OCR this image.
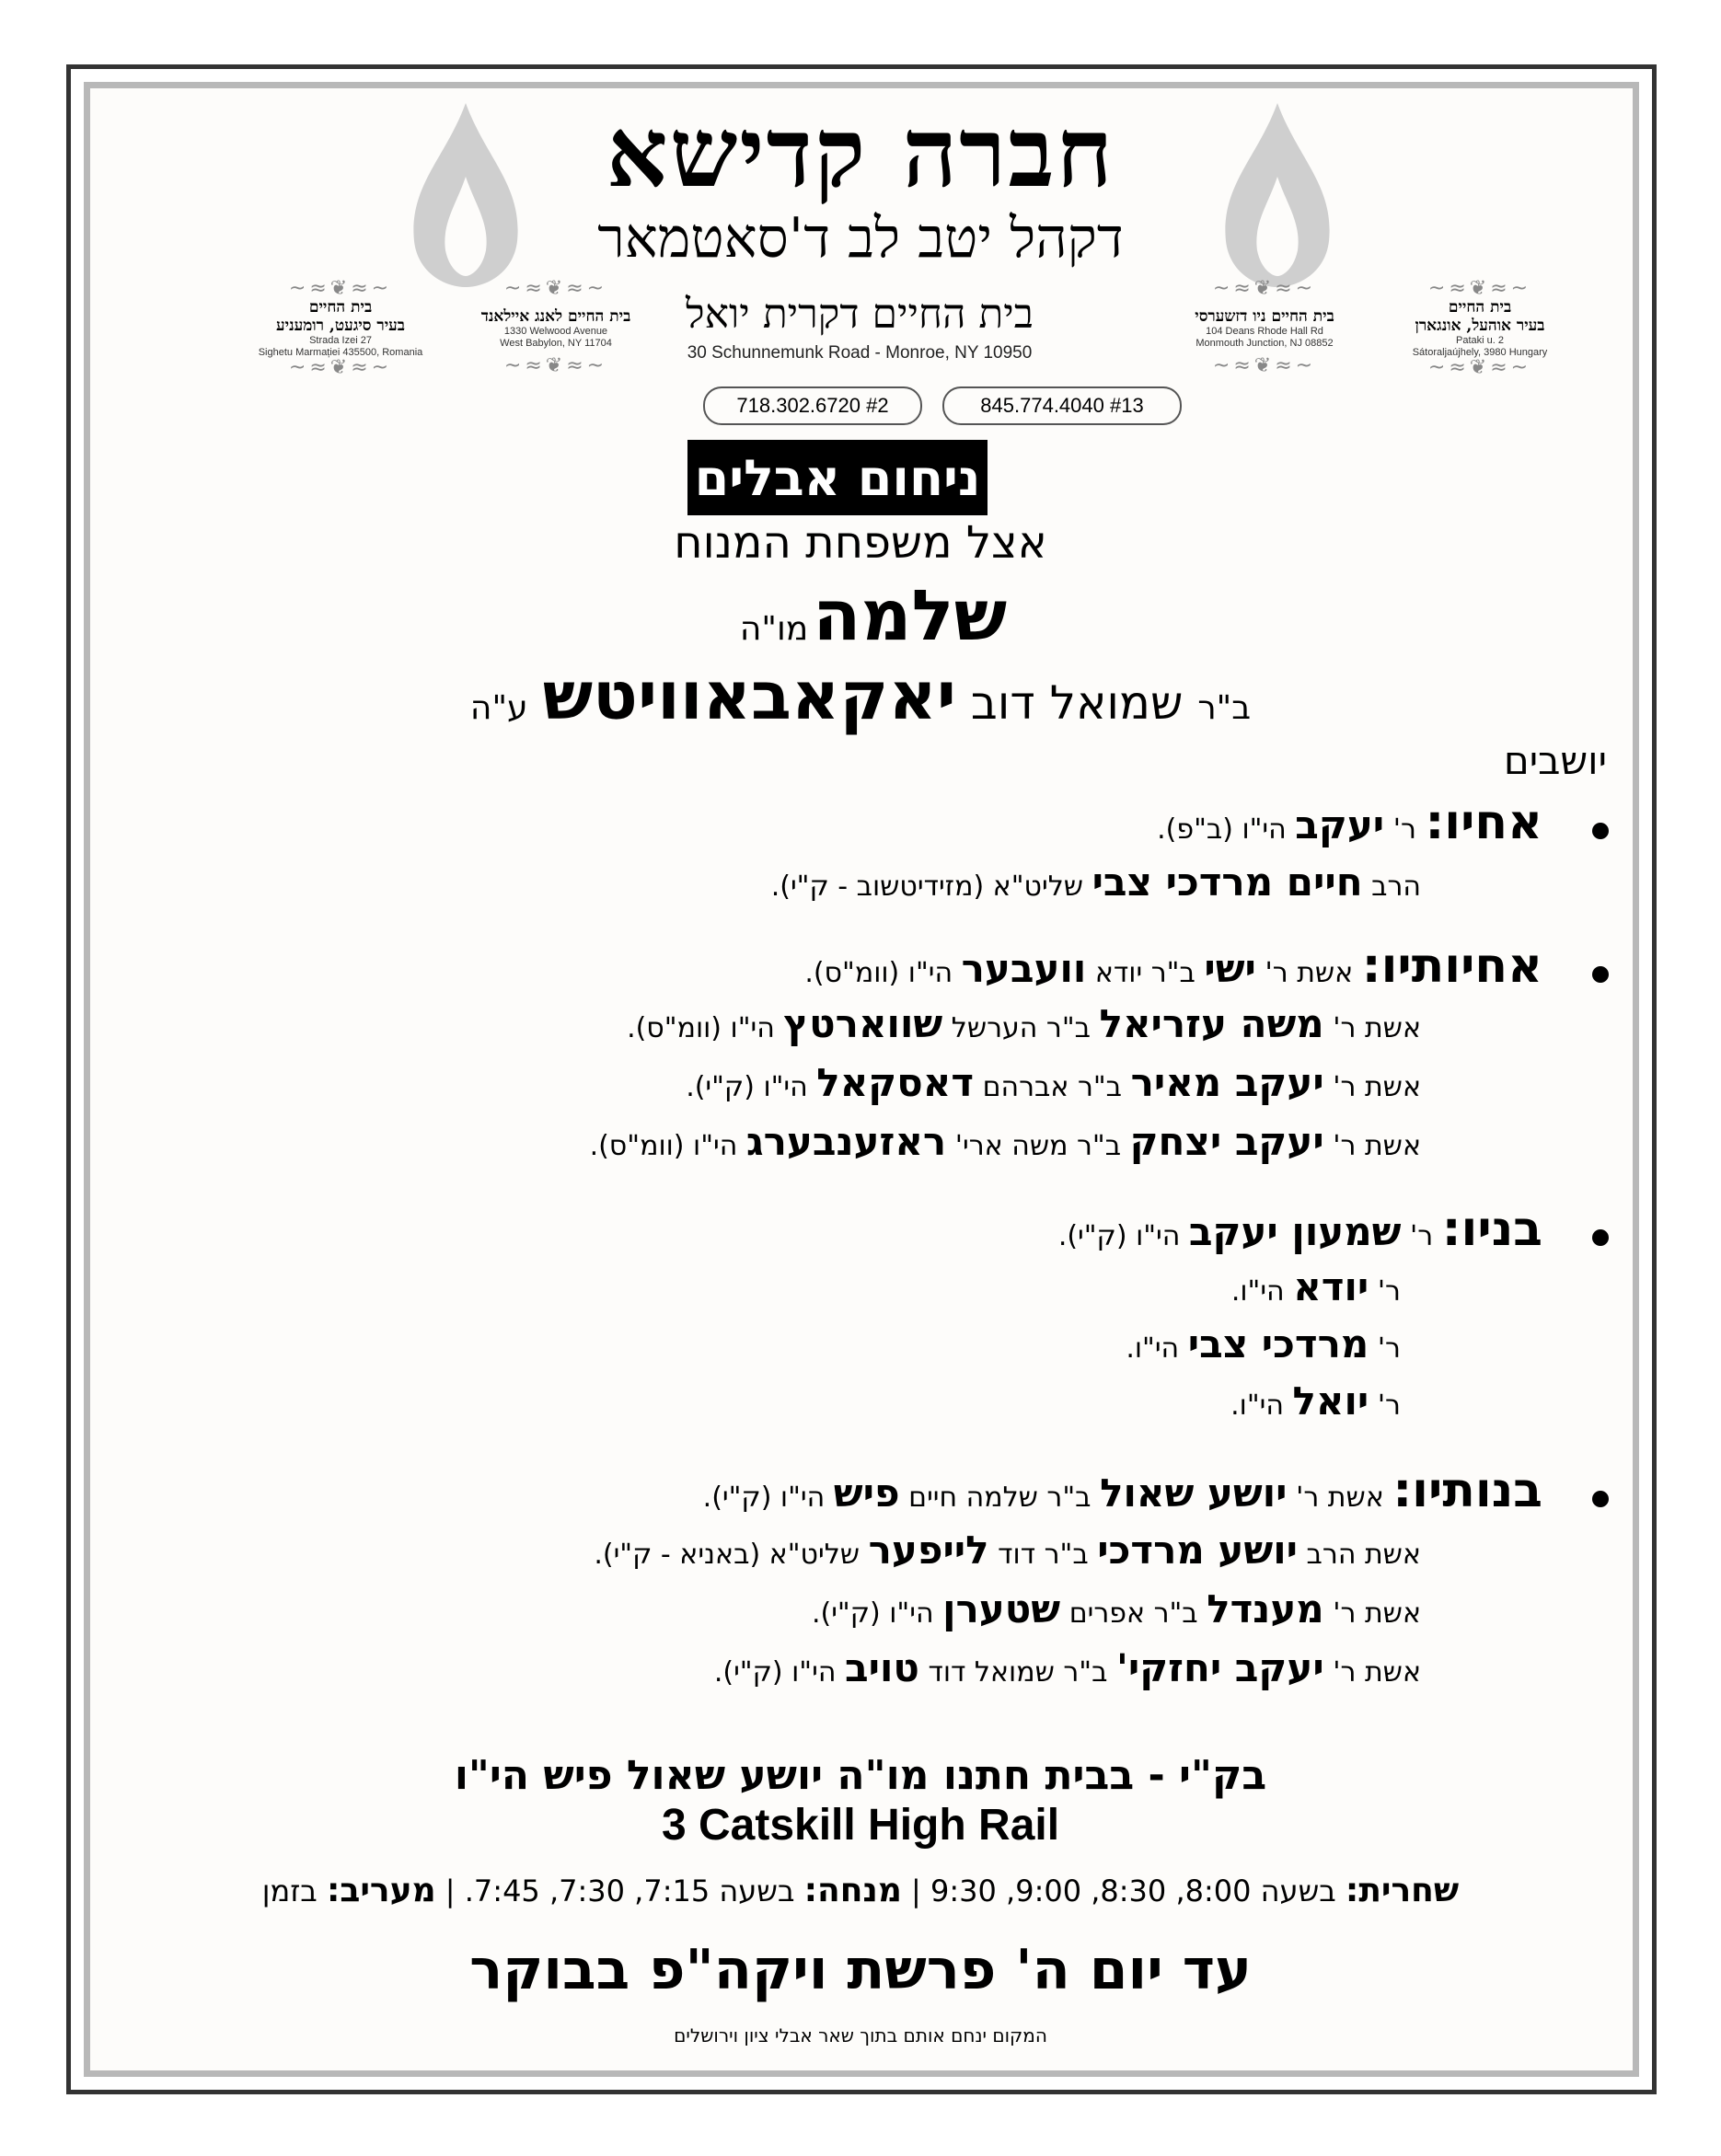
חברה קדישא
דקהל יטב לב ד'סאטמאר
~≈❦≈~
בית החיים
בעיר אוהעל, אונגארן
Pataki u. 2
Sátoraljaújhely, 3980 Hungary
~≈❦≈~
~≈❦≈~
בית החיים ניו דזשערסי
104 Deans Rhode Hall Rd
Monmouth Junction, NJ 08852
~≈❦≈~
בית החיים דקרית יואל
30 Schunnemunk Road - Monroe, NY 10950
~≈❦≈~
בית החיים לאנג איילאנד
1330 Welwood Avenue
West Babylon, NY 11704
~≈❦≈~
~≈❦≈~
בית החיים
בעיר סיגעט, רומעניע
Strada Izei 27
Sighetu Marmației 435500, Romania
~≈❦≈~
845.774.4040 #13
718.302.6720 #2
ניחום אבלים
אצל משפחת המנוח
שלמה מו"ה
ב"ר שמואל דוב יאקאבאוויטש ע"ה
יושבים
אחיו: ר' יעקב הי"ו (ב"פ).
הרב חיים מרדכי צבי שליט"א (מזידיטשוב - ק"י).
אחיותיו: אשת ר' ישי ב"ר יודא וועבער הי"ו (וומ"ס).
אשת ר' משה עזריאל ב"ר הערשל שווארטץ הי"ו (וומ"ס).
אשת ר' יעקב מאיר ב"ר אברהם דאסקאל הי"ו (ק"י).
אשת ר' יעקב יצחק ב"ר משה ארי' ראזענבערג הי"ו (וומ"ס).
בניו: ר' שמעון יעקב הי"ו (ק"י).
ר' יודא הי"ו.
ר' מרדכי צבי הי"ו.
ר' יואל הי"ו.
בנותיו: אשת ר' יושע שאול ב"ר שלמה חיים פיש הי"ו (ק"י).
אשת הרב יושע מרדכי ב"ר דוד לייפער שליט"א (באניא - ק"י).
אשת ר' מענדל ב"ר אפרים שטערן הי"ו (ק"י).
אשת ר' יעקב יחזקי' ב"ר שמואל דוד טויב הי"ו (ק"י).
בק"י - בבית חתנו מו"ה יושע שאול פיש הי"ו
3 Catskill High Rail
שחרית: בשעה 8:00, 8:30, 9:00, 9:30 | מנחה: בשעה 7:15, 7:30, 7:45. | מעריב: בזמן
עד יום ה' פרשת ויקה"פ בבוקר
המקום ינחם אותם בתוך שאר אבלי ציון וירושלים
